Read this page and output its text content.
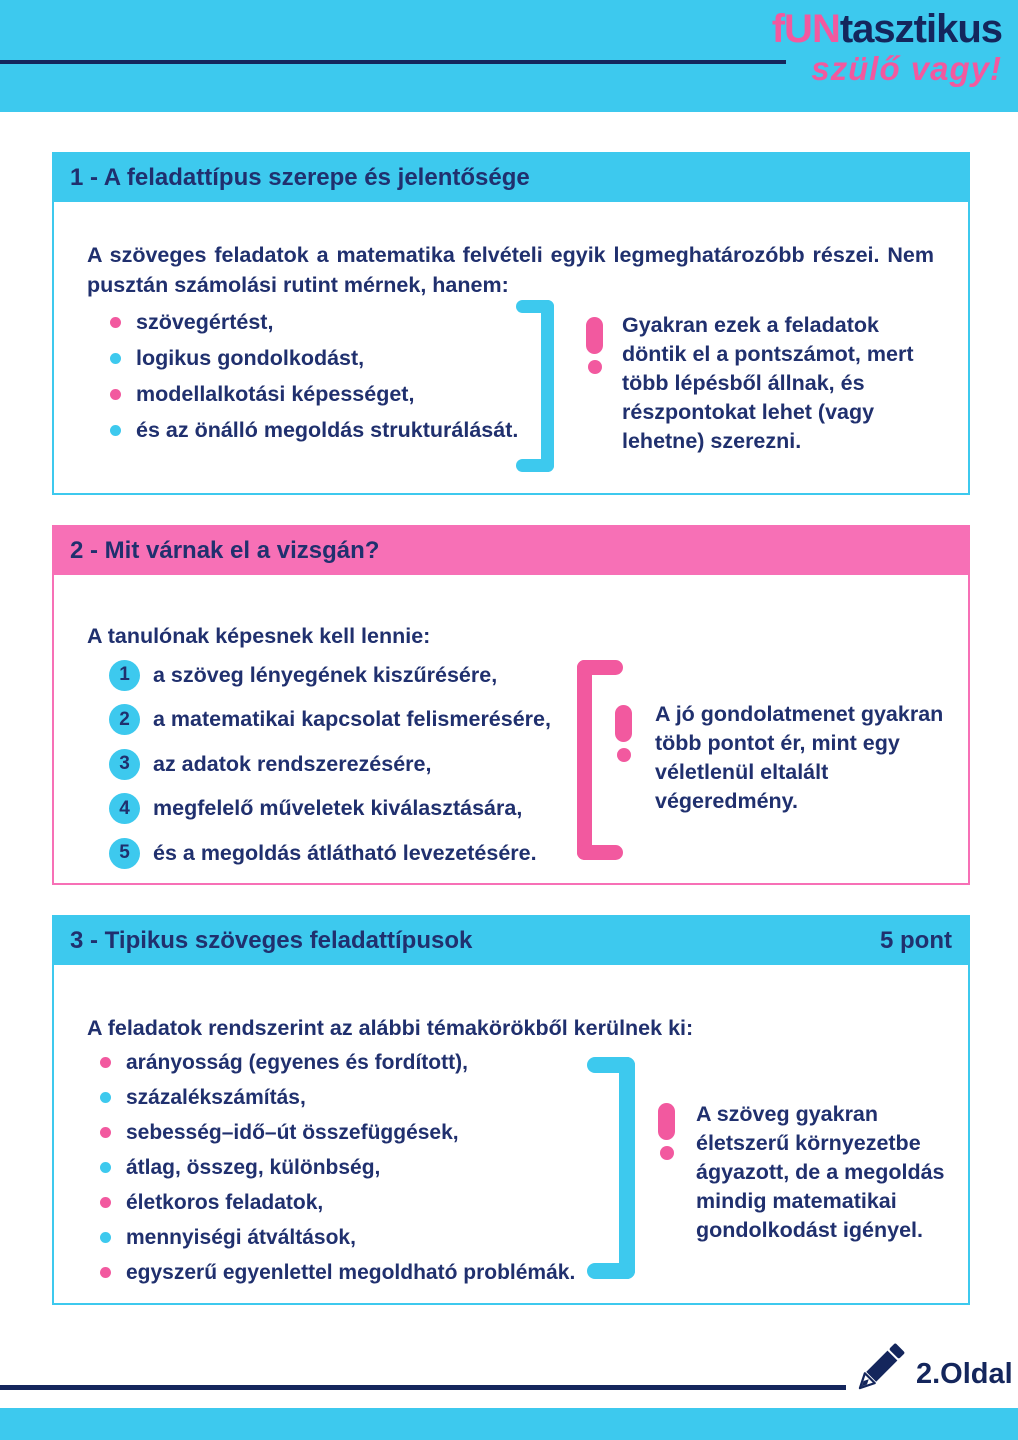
fUNtasztikus
szülő vagy!
1 - A feladattípus szerepe és jelentősége

A szöveges feladatok a matematika felvételi egyik legmeghatározóbb részei. Nem pusztán számolási rutint mérnek, hanem:

szövegértést,
logikus gondolkodást,
modellalkotási képességet,
és az önálló megoldás strukturálását.
Gyakran ezek a feladatok döntik el a pontszámot, mert több lépésből állnak, és részpontokat lehet (vagy lehetne) szerezni.
2 - Mit várnak el a vizsgán?

A tanulónak képesnek kell lennie:

1	a szöveg lényegének kiszűrésére,
2	a matematikai kapcsolat felismerésére,
3	az adatok rendszerezésére,
4	megfelelő műveletek kiválasztására,
5	és a megoldás átlátható levezetésére.
A jó gondolatmenet gyakran több pontot ér, mint egy véletlenül eltalált végeredmény.
3 - Tipikus szöveges feladattípusok	5 pont

A feladatok rendszerint az alábbi témakörökből kerülnek ki:

arányosság (egyenes és fordított),
százalékszámítás,
sebesség–idő–út összefüggések,
átlag, összeg, különbség,
életkoros feladatok,
mennyiségi átváltások,
egyszerű egyenlettel megoldható problémák.
A szöveg gyakran életszerű környezetbe ágyazott, de a megoldás mindig matematikai gondolkodást igényel.
2.Oldal
